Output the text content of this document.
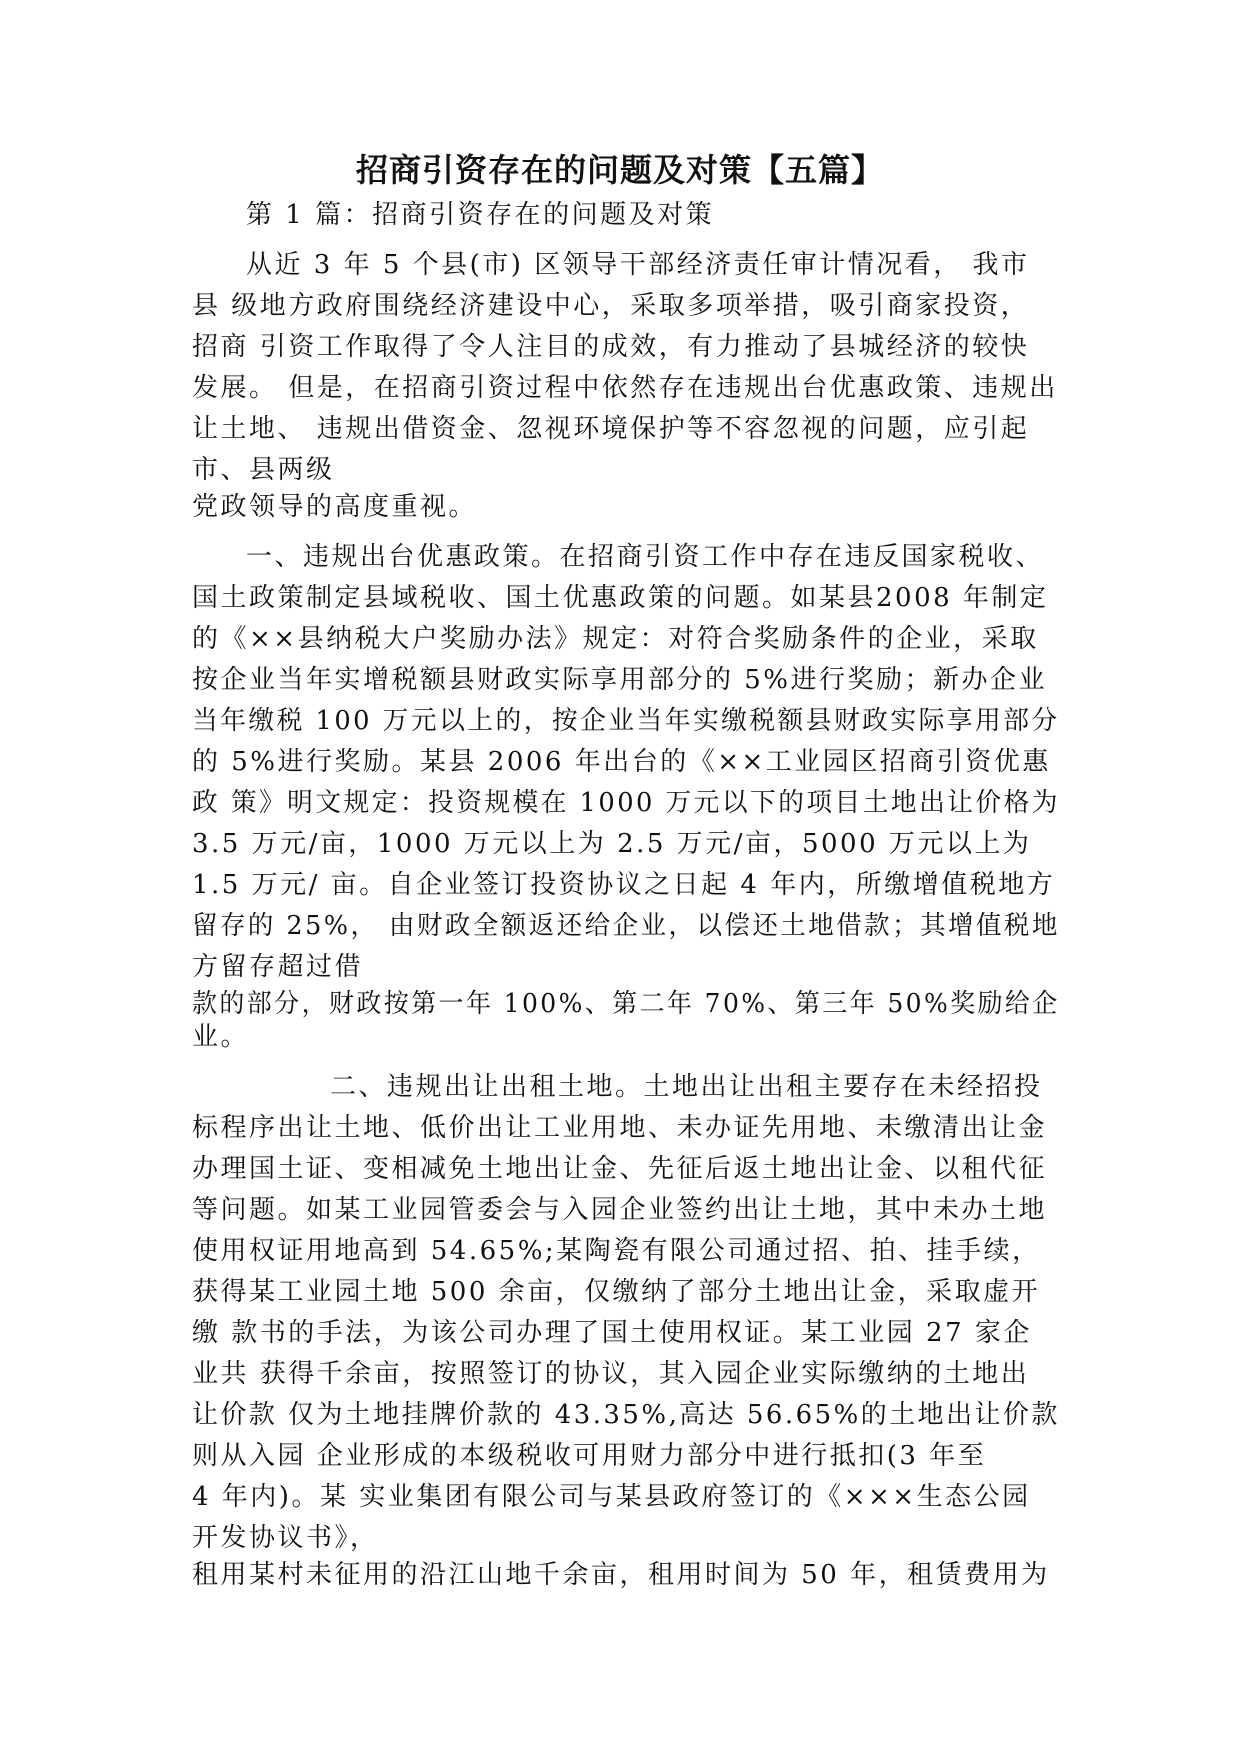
招商引资存在的问题及对策【五篇】
第 1 篇：招商引资存在的问题及对策
从近 3 年 5 个县(市) 区领导干部经济责任审计情况看， 我市
县 级地方政府围绕经济建设中心，采取多项举措，吸引商家投资，
招商 引资工作取得了令人注目的成效，有力推动了县城经济的较快
发展。 但是，在招商引资过程中依然存在违规出台优惠政策、违规出
让土地、 违规出借资金、忽视环境保护等不容忽视的问题，应引起
市、县两级
党政领导的高度重视。
一、违规出台优惠政策。在招商引资工作中存在违反国家税收、
国土政策制定县域税收、国土优惠政策的问题。如某县2008 年制定
的《××县纳税大户奖励办法》规定：对符合奖励条件的企业，采取
按企业当年实增税额县财政实际享用部分的 5%进行奖励；新办企业
当年缴税 100 万元以上的，按企业当年实缴税额县财政实际享用部分
的 5%进行奖励。某县 2006 年出台的《××工业园区招商引资优惠
政 策》明文规定：投资规模在 1000 万元以下的项目土地出让价格为
3.5 万元/亩，1000 万元以上为 2.5 万元/亩，5000 万元以上为
1.5 万元/ 亩。自企业签订投资协议之日起 4 年内，所缴增值税地方
留存的 25%， 由财政全额返还给企业，以偿还土地借款；其增值税地
方留存超过借
款的部分，财政按第一年 100%、第二年 70%、第三年 50%奖励给企
业。
二、违规出让出租土地。土地出让出租主要存在未经招投
标程序出让土地、低价出让工业用地、未办证先用地、未缴清出让金
办理国土证、变相减免土地出让金、先征后返土地出让金、以租代征
等问题。如某工业园管委会与入园企业签约出让土地，其中未办土地
使用权证用地高到 54.65%;某陶瓷有限公司通过招、拍、挂手续，
获得某工业园土地 500 余亩，仅缴纳了部分土地出让金，采取虚开
缴 款书的手法，为该公司办理了国土使用权证。某工业园 27 家企
业共 获得千余亩，按照签订的协议，其入园企业实际缴纳的土地出
让价款 仅为土地挂牌价款的 43.35%,高达 56.65%的土地出让价款
则从入园 企业形成的本级税收可用财力部分中进行抵扣(3 年至
4 年内)。某 实业集团有限公司与某县政府签订的《×××生态公园
开发协议书》，
租用某村未征用的沿江山地千余亩，租用时间为 50 年，租赁费用为
